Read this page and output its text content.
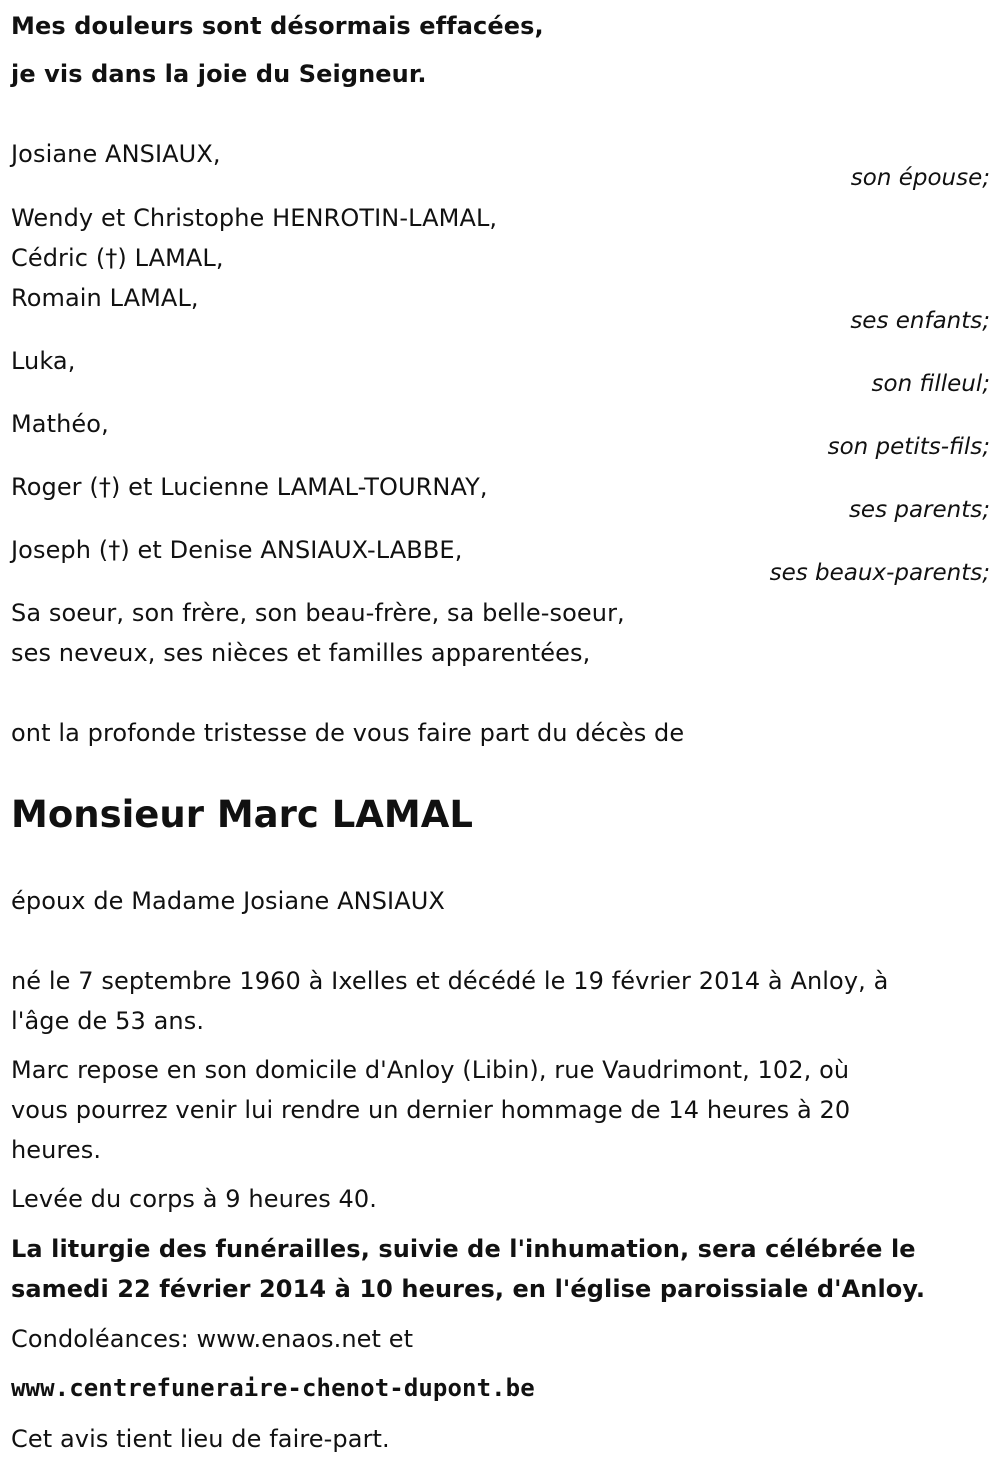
Mes douleurs sont désormais effacées,
je vis dans la joie du Seigneur.
Josiane ANSIAUX,
son épouse;
Wendy et Christophe HENROTIN-LAMAL,
Cédric (†) LAMAL,
Romain LAMAL,
ses enfants;
Luka,
son filleul;
Mathéo,
son petits-fils;
Roger (†) et Lucienne LAMAL-TOURNAY,
ses parents;
Joseph (†) et Denise ANSIAUX-LABBE,
ses beaux-parents;
Sa soeur, son frère, son beau-frère, sa belle-soeur,
ses neveux, ses nièces et familles apparentées,
ont la profonde tristesse de vous faire part du décès de
Monsieur Marc LAMAL
époux de Madame Josiane ANSIAUX
né le 7 septembre 1960 à Ixelles et décédé le 19 février 2014 à Anloy, à
l'âge de 53 ans.
Marc repose en son domicile d'Anloy (Libin), rue Vaudrimont, 102, où
vous pourrez venir lui rendre un dernier hommage de 14 heures à 20
heures.
Levée du corps à 9 heures 40.
La liturgie des funérailles, suivie de l'inhumation, sera célébrée le
samedi 22 février 2014 à 10 heures, en l'église paroissiale d'Anloy.
Condoléances: www.enaos.net et
www.centrefuneraire-chenot-dupont.be
Cet avis tient lieu de faire-part.
